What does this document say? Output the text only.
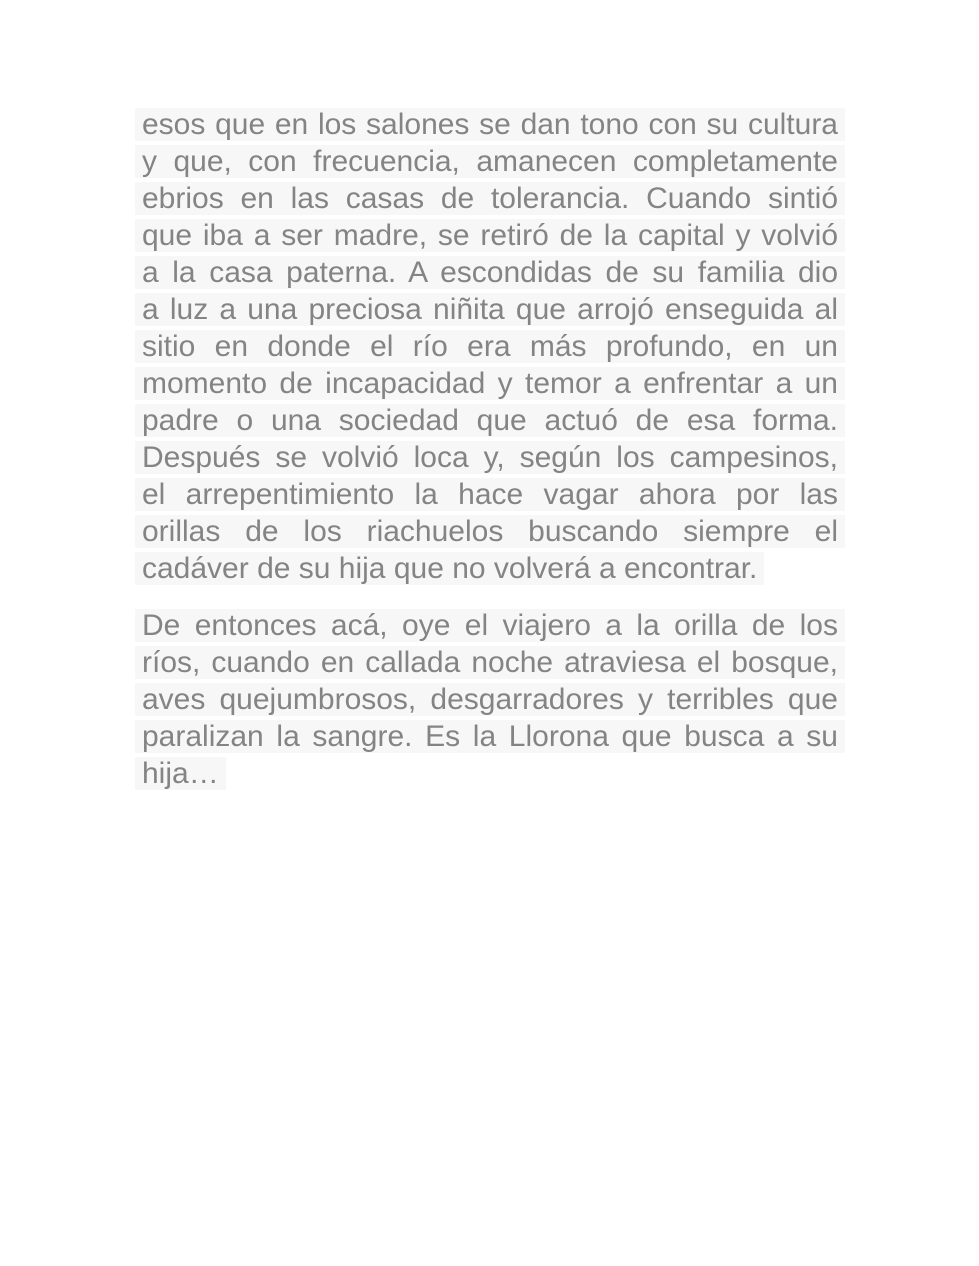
esos que en los salones se dan tono con su cultura
y que, con frecuencia, amanecen completamente
ebrios en las casas de tolerancia. Cuando sintió
que iba a ser madre, se retiró de la capital y volvió
a la casa paterna. A escondidas de su familia dio
a luz a una preciosa niñita que arrojó enseguida al
sitio en donde el río era más profundo, en un
momento de incapacidad y temor a enfrentar a un
padre o una sociedad que actuó de esa forma.
Después se volvió loca y, según los campesinos,
el arrepentimiento la hace vagar ahora por las
orillas de los riachuelos buscando siempre el
cadáver de su hija que no volverá a encontrar.

De entonces acá, oye el viajero a la orilla de los
ríos, cuando en callada noche atraviesa el bosque,
aves quejumbrosos, desgarradores y terribles que
paralizan la sangre. Es la Llorona que busca a su
hija…
